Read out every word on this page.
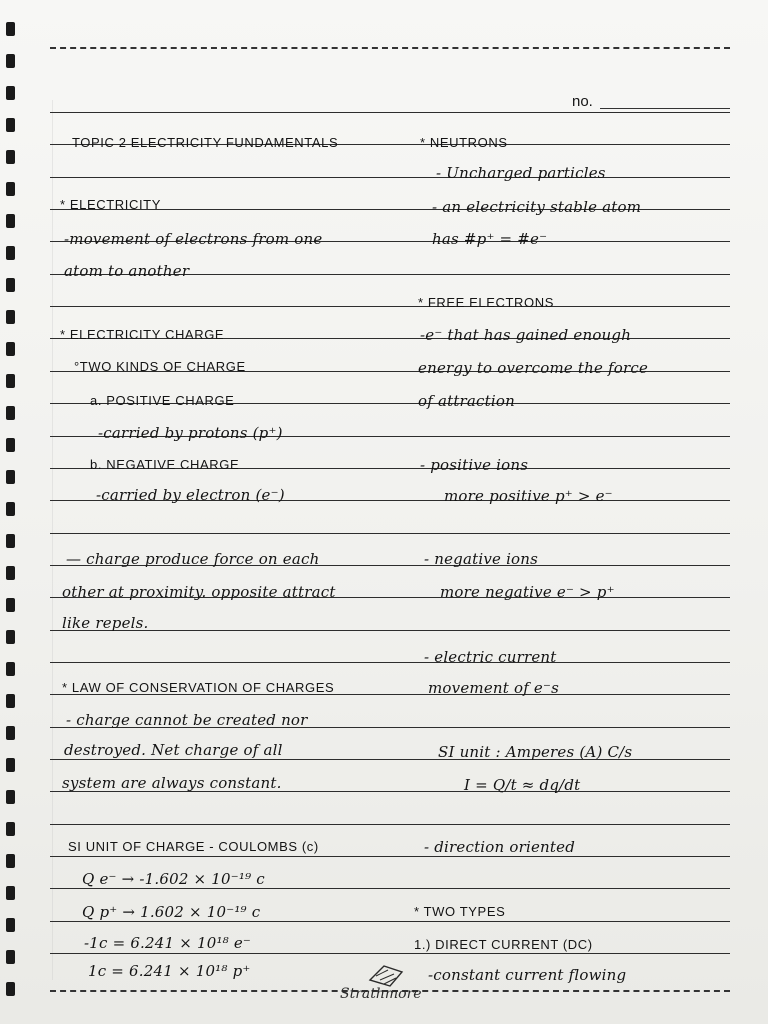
no.
TOPIC 2 ELECTRICITY FUNDAMENTALS
* ELECTRICITY
-movement of electrons from one
atom to another
* ELECTRICITY CHARGE
°TWO KINDS OF CHARGE
a. POSITIVE CHARGE
-carried by protons (p⁺)
b. NEGATIVE CHARGE
-carried by electron (e⁻)
— charge produce force on each
other at proximity. opposite attract
like repels.
* LAW OF CONSERVATION OF CHARGES
- charge cannot be created nor
destroyed. Net charge of all
system are always constant.
SI UNIT OF CHARGE - COULOMBS (c)
Q e⁻ → -1.602 × 10⁻¹⁹ c
Q p⁺ → 1.602 × 10⁻¹⁹ c
-1c = 6.241 × 10¹⁸ e⁻
1c = 6.241 × 10¹⁸ p⁺
* NEUTRONS
- Uncharged particles
- an electricity stable atom
has #p⁺ = #e⁻
* FREE ELECTRONS
-e⁻ that has gained enough
energy to overcome the force
of attraction
- positive ions
more positive p⁺ > e⁻
- negative ions
more negative e⁻ > p⁺
- electric current
movement of e⁻s
SI unit : Amperes (A) C/s
I = Q/t ≈ dq/dt
- direction oriented
* TWO TYPES
1.) DIRECT CURRENT (DC)
-constant current flowing
Strathmore
